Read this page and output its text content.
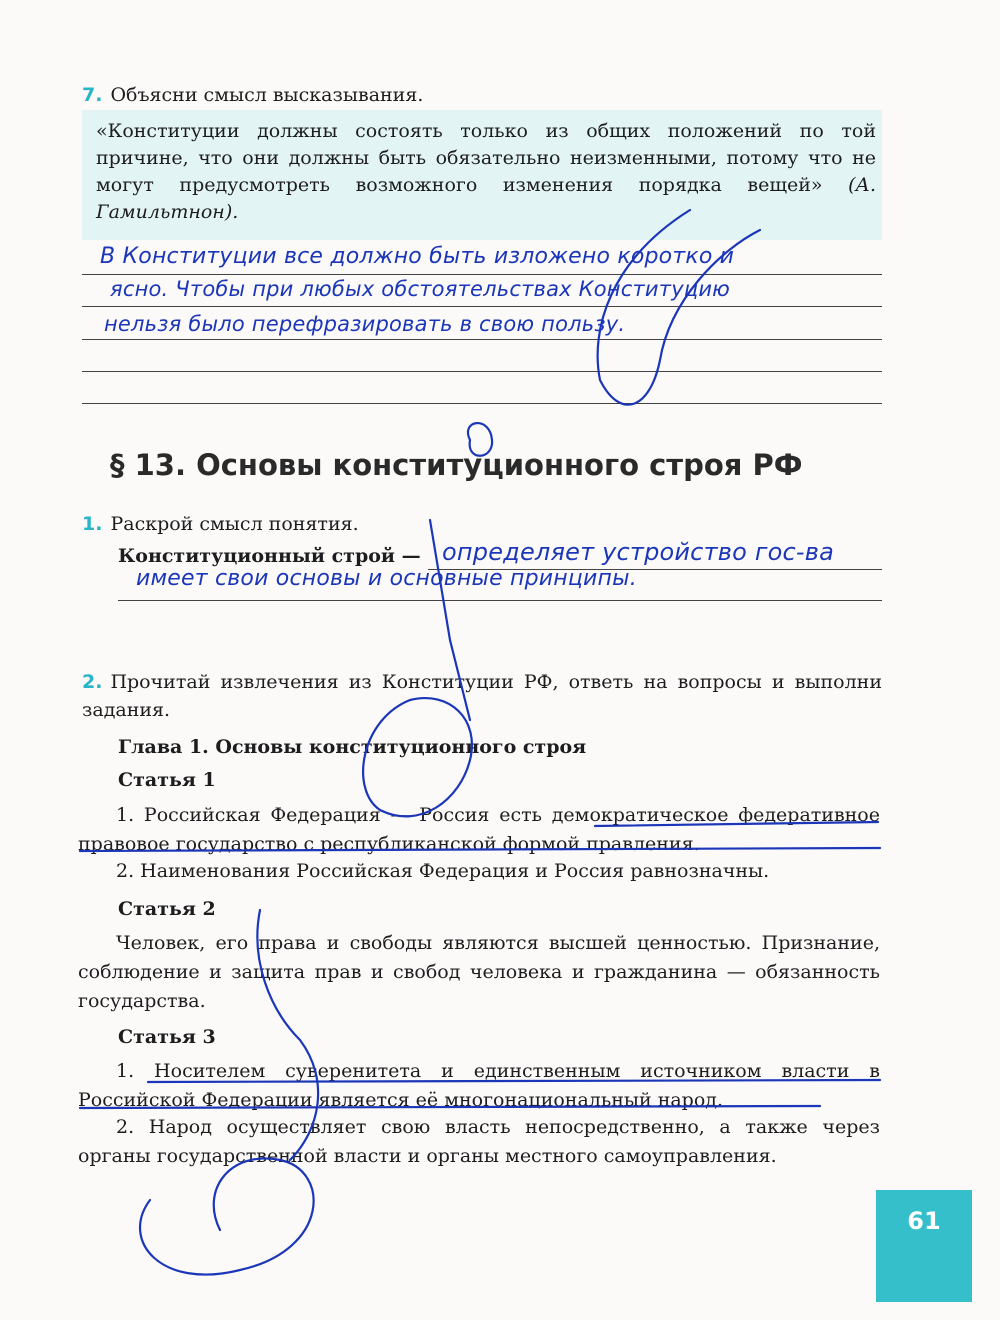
7. Объясни смысл высказывания.
«Конституции должны состоять только из общих положений по той причине, что они должны быть обязательно неизменными, потому что не могут предусмотреть возможного изменения порядка вещей» (А. Гамильтнон).
В Конституции все должно быть изложено коротко и
ясно. Чтобы при любых обстоятельствах Конституцию
нельзя было перефразировать в свою пользу.
§ 13. Основы конституционного строя РФ
1. Раскрой смысл понятия.
Конституционный строй — определяет устройство гос-ва
имеет свои основы и основные принципы.
2. Прочитай извлечения из Конституции РФ, ответь на вопросы и выполни задания.
Глава 1. Основы конституционного строя
Статья 1
1. Российская Федерация — Россия есть демократическое федеративное правовое государство с республиканской формой правления.
2. Наименования Российская Федерация и Россия равнозначны.
Статья 2
Человек, его права и свободы являются высшей ценностью. Признание, соблюдение и защита прав и свобод человека и гражданина — обязанность государства.
Статья 3
1. Носителем суверенитета и единственным источником власти в Российской Федерации является её многонациональный народ.
2. Народ осуществляет свою власть непосредственно, а также через органы государственной власти и органы местного самоуправления.
61
